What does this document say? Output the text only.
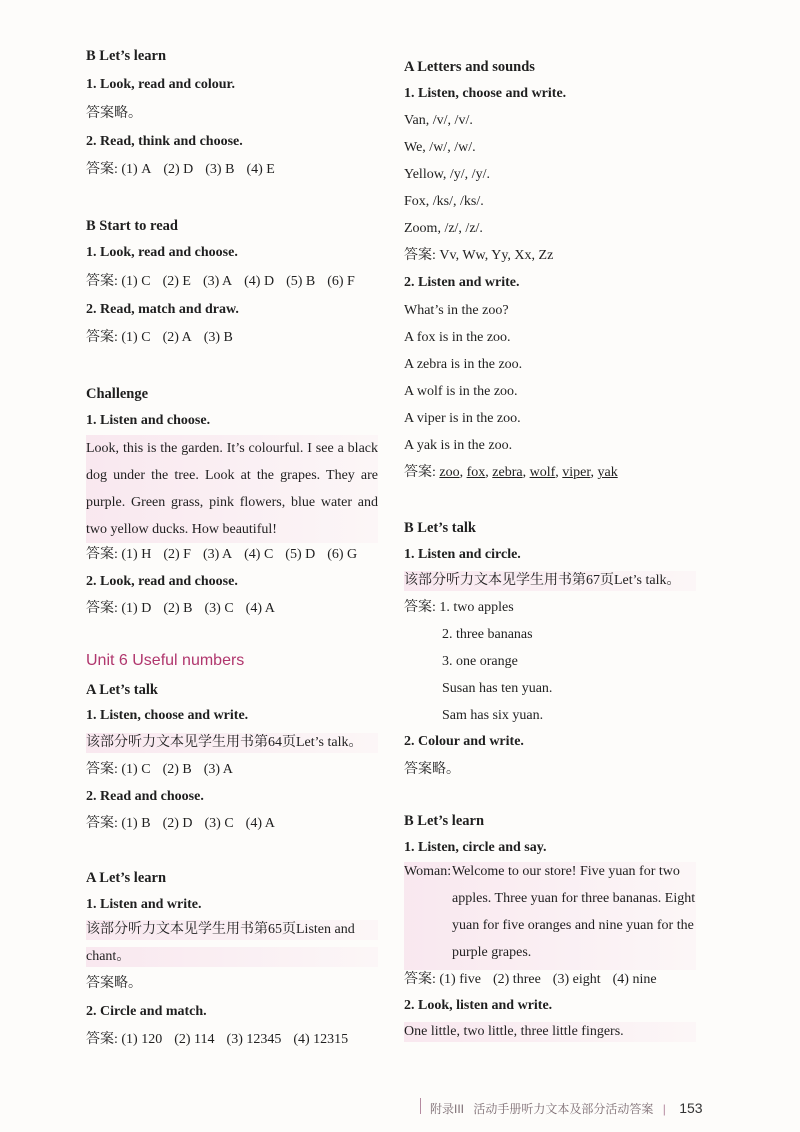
B Let’s learn
1. Look, read and colour.
答案略。
2. Read, think and choose.
答案: (1) A (2) D (3) B (4) E
B Start to read
1. Look, read and choose.
答案: (1) C (2) E (3) A (4) D (5) B (6) F
2. Read, match and draw.
答案: (1) C (2) A (3) B
Challenge
1. Listen and choose.
Look, this is the garden. It’s colourful. I see a black dog under the tree. Look at the grapes. They are purple. Green grass, pink flowers, blue water and two yellow ducks. How beautiful!
答案: (1) H (2) F (3) A (4) C (5) D (6) G
2. Look, read and choose.
答案: (1) D (2) B (3) C (4) A
Unit 6 Useful numbers
A Let’s talk
1. Listen, choose and write.
该部分听力文本见学生用书第64页Let’s talk。
答案: (1) C (2) B (3) A
2. Read and choose.
答案: (1) B (2) D (3) C (4) A
A Let’s learn
1. Listen and write.
该部分听力文本见学生用书第65页Listen and
chant。
答案略。
2. Circle and match.
答案: (1) 120 (2) 114 (3) 12345 (4) 12315
A Letters and sounds
1. Listen, choose and write.
Van, /v/, /v/.
We, /w/, /w/.
Yellow, /y/, /y/.
Fox, /ks/, /ks/.
Zoom, /z/, /z/.
答案: Vv, Ww, Yy, Xx, Zz
2. Listen and write.
What’s in the zoo?
A fox is in the zoo.
A zebra is in the zoo.
A wolf is in the zoo.
A viper is in the zoo.
A yak is in the zoo.
答案: zoo, fox, zebra, wolf, viper, yak
B Let’s talk
1. Listen and circle.
该部分听力文本见学生用书第67页Let’s talk。
答案: 1. two apples
2. three bananas
3. one orange
Susan has ten yuan.
Sam has six yuan.
2. Colour and write.
答案略。
B Let’s learn
1. Listen, circle and say.
Woman: Welcome to our store! Five yuan for two
apples. Three yuan for three bananas. Eight
yuan for five oranges and nine yuan for the
purple grapes.
答案: (1) five (2) three (3) eight (4) nine
2. Look, listen and write.
One little, two little, three little fingers.
附录III 活动手册听力文本及部分活动答案 | 153
